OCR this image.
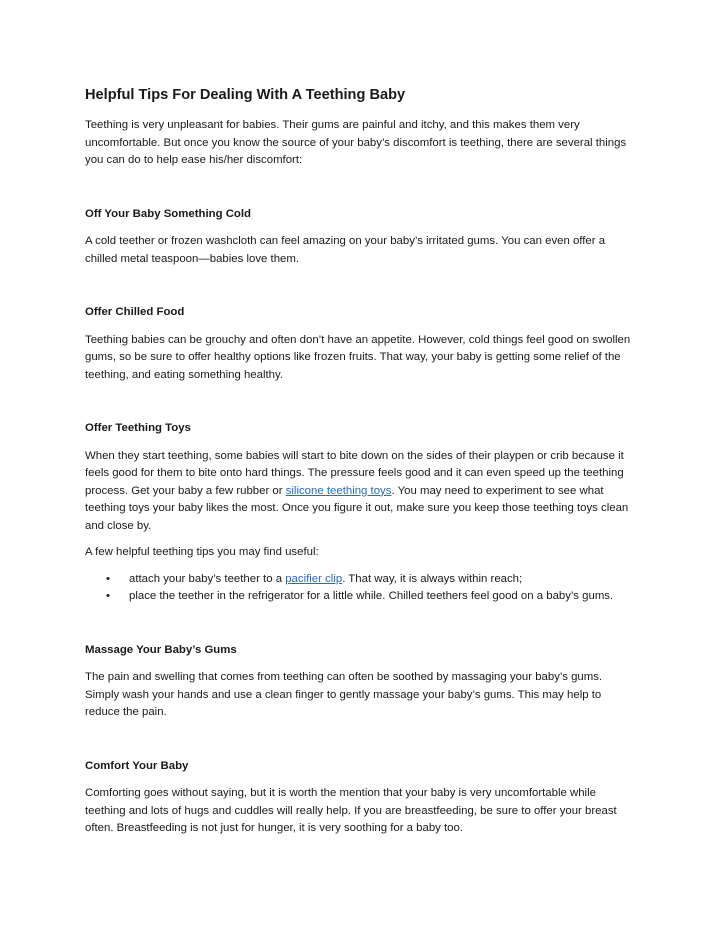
Helpful Tips For Dealing With A Teething Baby

Teething is very unpleasant for babies. Their gums are painful and itchy, and this makes them very uncomfortable. But once you know the source of your baby’s discomfort is teething, there are several things you can do to help ease his/her discomfort:

Off Your Baby Something Cold

A cold teether or frozen washcloth can feel amazing on your baby’s irritated gums. You can even offer a chilled metal teaspoon—babies love them.

Offer Chilled Food

Teething babies can be grouchy and often don’t have an appetite. However, cold things feel good on swollen gums, so be sure to offer healthy options like frozen fruits. That way, your baby is getting some relief of the teething, and eating something healthy.

Offer Teething Toys

When they start teething, some babies will start to bite down on the sides of their playpen or crib because it feels good for them to bite onto hard things. The pressure feels good and it can even speed up the teething process. Get your baby a few rubber or silicone teething toys. You may need to experiment to see what teething toys your baby likes the most. Once you figure it out, make sure you keep those teething toys clean and close by.

A few helpful teething tips you may find useful:

• attach your baby’s teether to a pacifier clip. That way, it is always within reach;
• place the teether in the refrigerator for a little while. Chilled teethers feel good on a baby’s gums.

Massage Your Baby’s Gums

The pain and swelling that comes from teething can often be soothed by massaging your baby’s gums. Simply wash your hands and use a clean finger to gently massage your baby’s gums. This may help to reduce the pain.

Comfort Your Baby

Comforting goes without saying, but it is worth the mention that your baby is very uncomfortable while teething and lots of hugs and cuddles will really help. If you are breastfeeding, be sure to offer your breast often. Breastfeeding is not just for hunger, it is very soothing for a baby too.
